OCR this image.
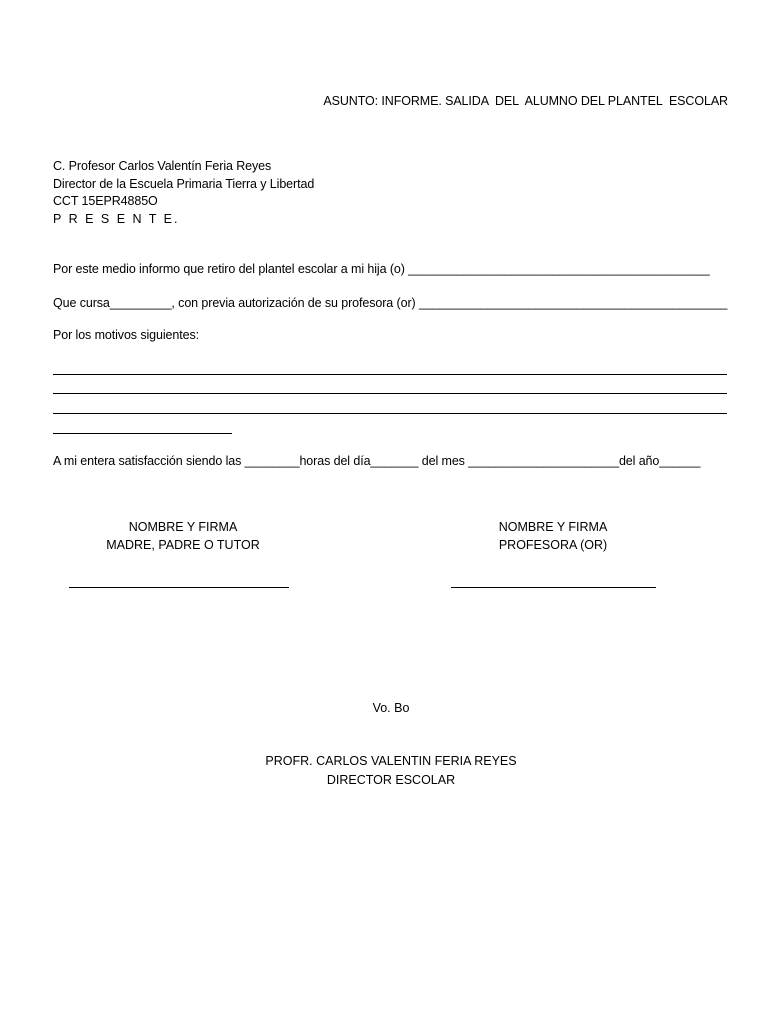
ASUNTO: INFORME. SALIDA  DEL  ALUMNO DEL PLANTEL  ESCOLAR
C. Profesor Carlos Valentín Feria Reyes
Director de la Escuela Primaria Tierra y Libertad
CCT 15EPR4885O
P R E S E N T E.
Por este medio informo que retiro del plantel escolar a mi hija (o) ____________________________________________
Que cursa_________, con previa autorización de su profesora (or) _____________________________________________
Por los motivos siguientes:
A mi entera satisfacción siendo las ________horas del día_______ del mes ______________________del año______
NOMBRE Y FIRMA
MADRE, PADRE O TUTOR
NOMBRE Y FIRMA
PROFESORA (OR)
Vo. Bo
PROFR. CARLOS VALENTIN FERIA REYES
DIRECTOR ESCOLAR
